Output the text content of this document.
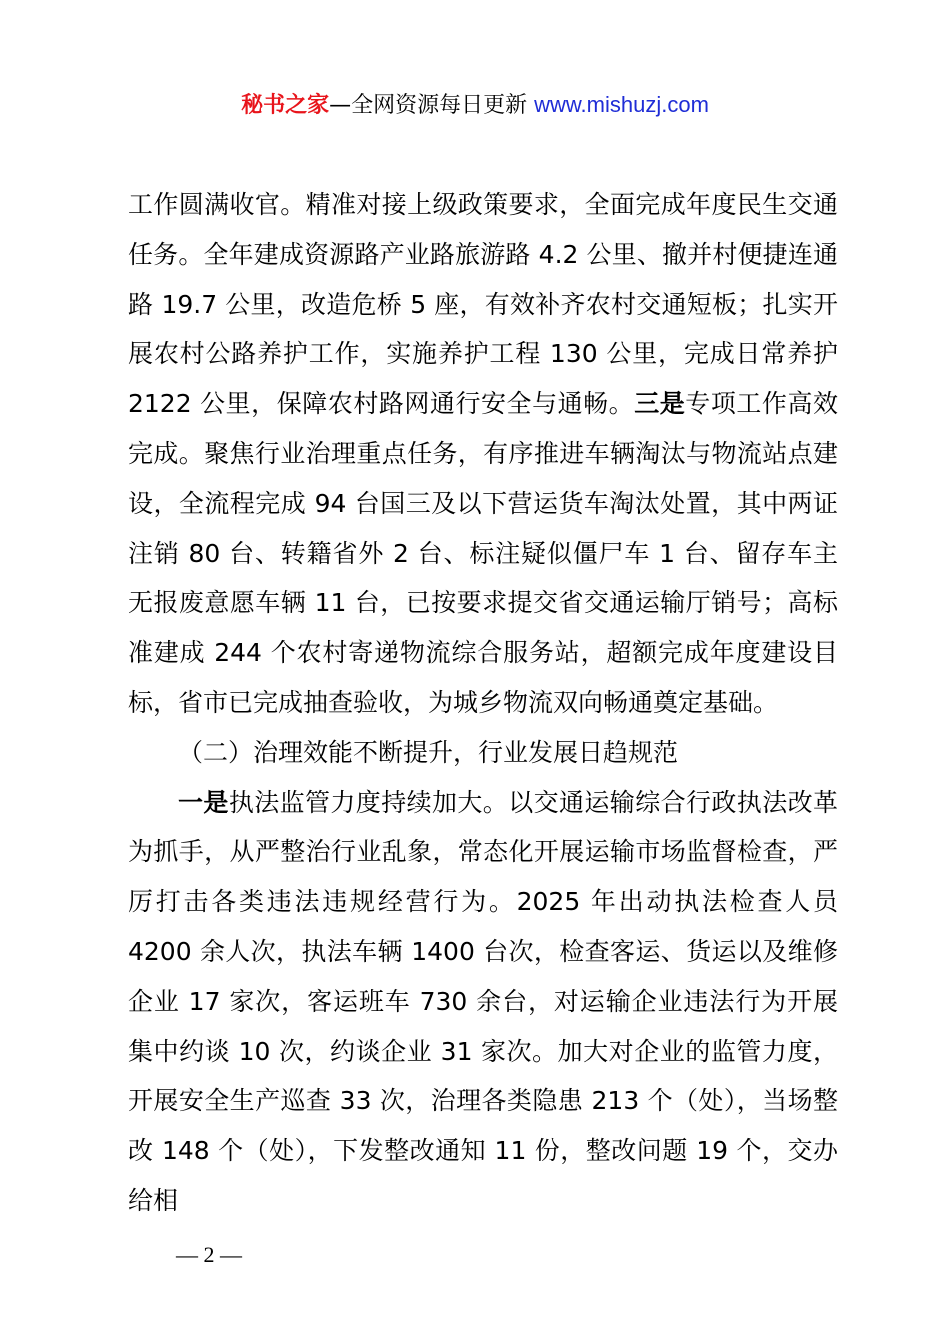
秘书之家—全网资源每日更新 www.mishuzj.com

工作圆满收官。精准对接上级政策要求，全面完成年度民生交通任务。全年建成资源路产业路旅游路 4.2 公里、撤并村便捷连通路 19.7 公里，改造危桥 5 座，有效补齐农村交通短板；扎实开展农村公路养护工作，实施养护工程 130 公里，完成日常养护 2122 公里，保障农村路网通行安全与通畅。三是专项工作高效完成。聚焦行业治理重点任务，有序推进车辆淘汰与物流站点建设，全流程完成 94 台国三及以下营运货车淘汰处置，其中两证注销 80 台、转籍省外 2 台、标注疑似僵尸车 1 台、留存车主无报废意愿车辆 11 台，已按要求提交省交通运输厅销号；高标准建成 244 个农村寄递物流综合服务站，超额完成年度建设目标，省市已完成抽查验收，为城乡物流双向畅通奠定基础。

（二）治理效能不断提升，行业发展日趋规范

一是执法监管力度持续加大。以交通运输综合行政执法改革为抓手，从严整治行业乱象，常态化开展运输市场监督检查，严厉打击各类违法违规经营行为。2025 年出动执法检查人员 4200 余人次，执法车辆 1400 台次，检查客运、货运以及维修企业 17 家次，客运班车 730 余台，对运输企业违法行为开展集中约谈 10 次，约谈企业 31 家次。加大对企业的监管力度，开展安全生产巡查 33 次，治理各类隐患 213 个（处），当场整改 148 个（处），下发整改通知 11 份，整改问题 19 个，交办给相

— 2 —
